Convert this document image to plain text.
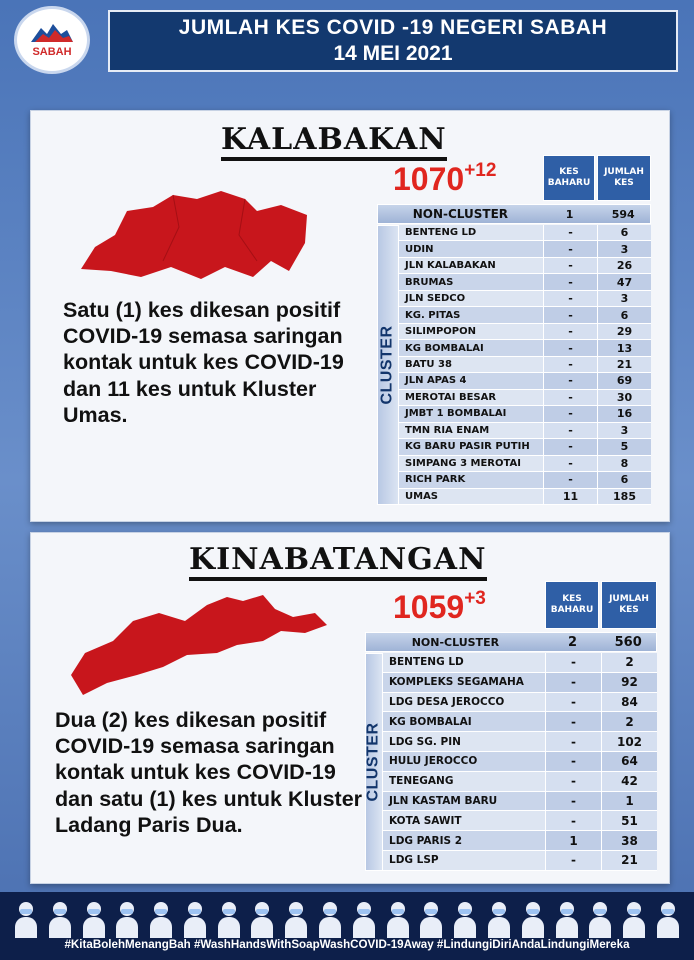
SABAH
JUMLAH KES COVID -19 NEGERI SABAH
14 MEI 2021
KALABAKAN
1070+12
Satu (1) kes dikesan positif COVID-19 semasa saringan kontak untuk kes COVID-19 dan 11 kes untuk Kluster Umas.
KES BAHARU
JUMLAH KES
NON-CLUSTER	1	594
CLUSTER
BENTENG LD	-	6
UDIN	-	3
JLN KALABAKAN	-	26
BRUMAS	-	47
JLN SEDCO	-	3
KG. PITAS	-	6
SILIMPOPON	-	29
KG BOMBALAI	-	13
BATU 38	-	21
JLN APAS 4	-	69
MEROTAI BESAR	-	30
JMBT 1 BOMBALAI	-	16
TMN RIA ENAM	-	3
KG BARU PASIR PUTIH	-	5
SIMPANG 3 MEROTAI	-	8
RICH PARK	-	6
UMAS	11	185
KINABATANGAN
1059+3
Dua (2) kes dikesan positif COVID-19 semasa saringan kontak untuk kes COVID-19 dan satu (1) kes untuk Kluster Ladang Paris Dua.
KES BAHARU
JUMLAH KES
NON-CLUSTER	2	560
CLUSTER
BENTENG LD	-	2
KOMPLEKS SEGAMAHA	-	92
LDG DESA JEROCCO	-	84
KG BOMBALAI	-	2
LDG SG. PIN	-	102
HULU JEROCCO	-	64
TENEGANG	-	42
JLN KASTAM BARU	-	1
KOTA SAWIT	-	51
LDG PARIS 2	1	38
LDG LSP	-	21
#KitaBolehMenangBah #WashHandsWithSoapWashCOVID-19Away #LindungiDiriAndaLindungiMereka
